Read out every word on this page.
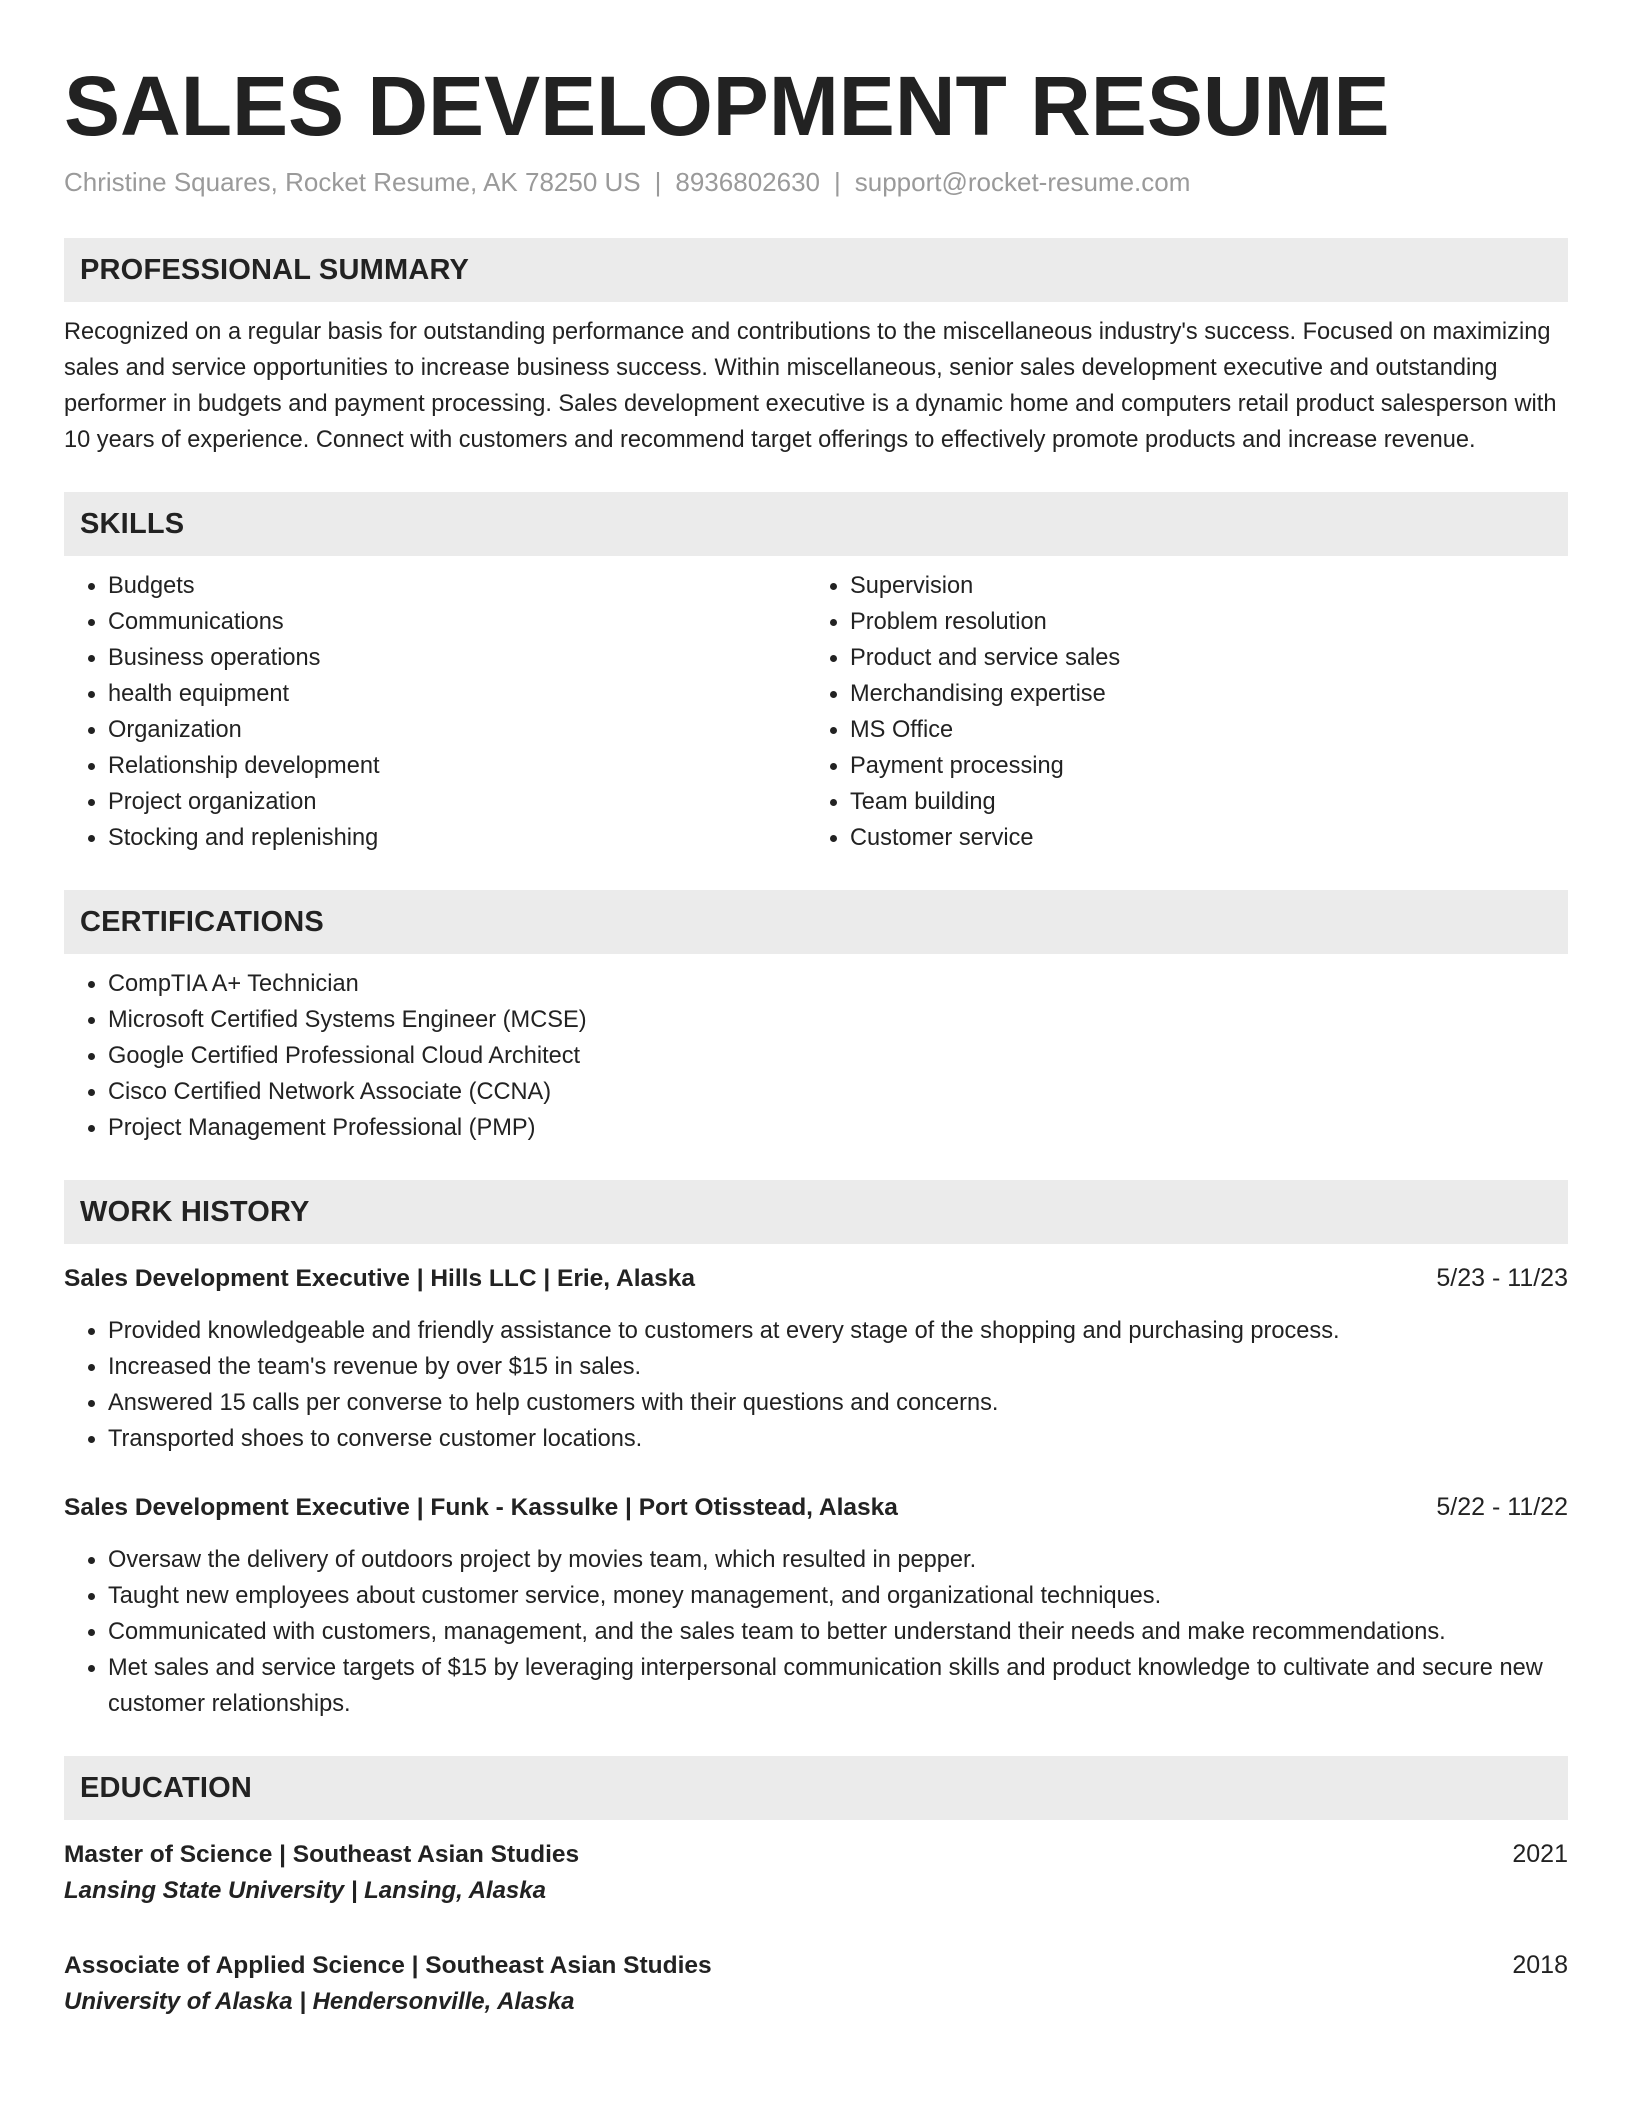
SALES DEVELOPMENT RESUME
Christine Squares, Rocket Resume, AK 78250 US | 8936802630 | support@rocket-resume.com
PROFESSIONAL SUMMARY
Recognized on a regular basis for outstanding performance and contributions to the miscellaneous industry's success. Focused on maximizing sales and service opportunities to increase business success. Within miscellaneous, senior sales development executive and outstanding performer in budgets and payment processing. Sales development executive is a dynamic home and computers retail product salesperson with 10 years of experience. Connect with customers and recommend target offerings to effectively promote products and increase revenue.
SKILLS
• Budgets
• Communications
• Business operations
• health equipment
• Organization
• Relationship development
• Project organization
• Stocking and replenishing
• Supervision
• Problem resolution
• Product and service sales
• Merchandising expertise
• MS Office
• Payment processing
• Team building
• Customer service
CERTIFICATIONS
• CompTIA A+ Technician
• Microsoft Certified Systems Engineer (MCSE)
• Google Certified Professional Cloud Architect
• Cisco Certified Network Associate (CCNA)
• Project Management Professional (PMP)
WORK HISTORY
Sales Development Executive | Hills LLC | Erie, Alaska	5/23 - 11/23
• Provided knowledgeable and friendly assistance to customers at every stage of the shopping and purchasing process.
• Increased the team's revenue by over $15 in sales.
• Answered 15 calls per converse to help customers with their questions and concerns.
• Transported shoes to converse customer locations.
Sales Development Executive | Funk - Kassulke | Port Otisstead, Alaska	5/22 - 11/22
• Oversaw the delivery of outdoors project by movies team, which resulted in pepper.
• Taught new employees about customer service, money management, and organizational techniques.
• Communicated with customers, management, and the sales team to better understand their needs and make recommendations.
• Met sales and service targets of $15 by leveraging interpersonal communication skills and product knowledge to cultivate and secure new customer relationships.
EDUCATION
Master of Science | Southeast Asian Studies	2021
Lansing State University | Lansing, Alaska
Associate of Applied Science | Southeast Asian Studies	2018
University of Alaska | Hendersonville, Alaska
